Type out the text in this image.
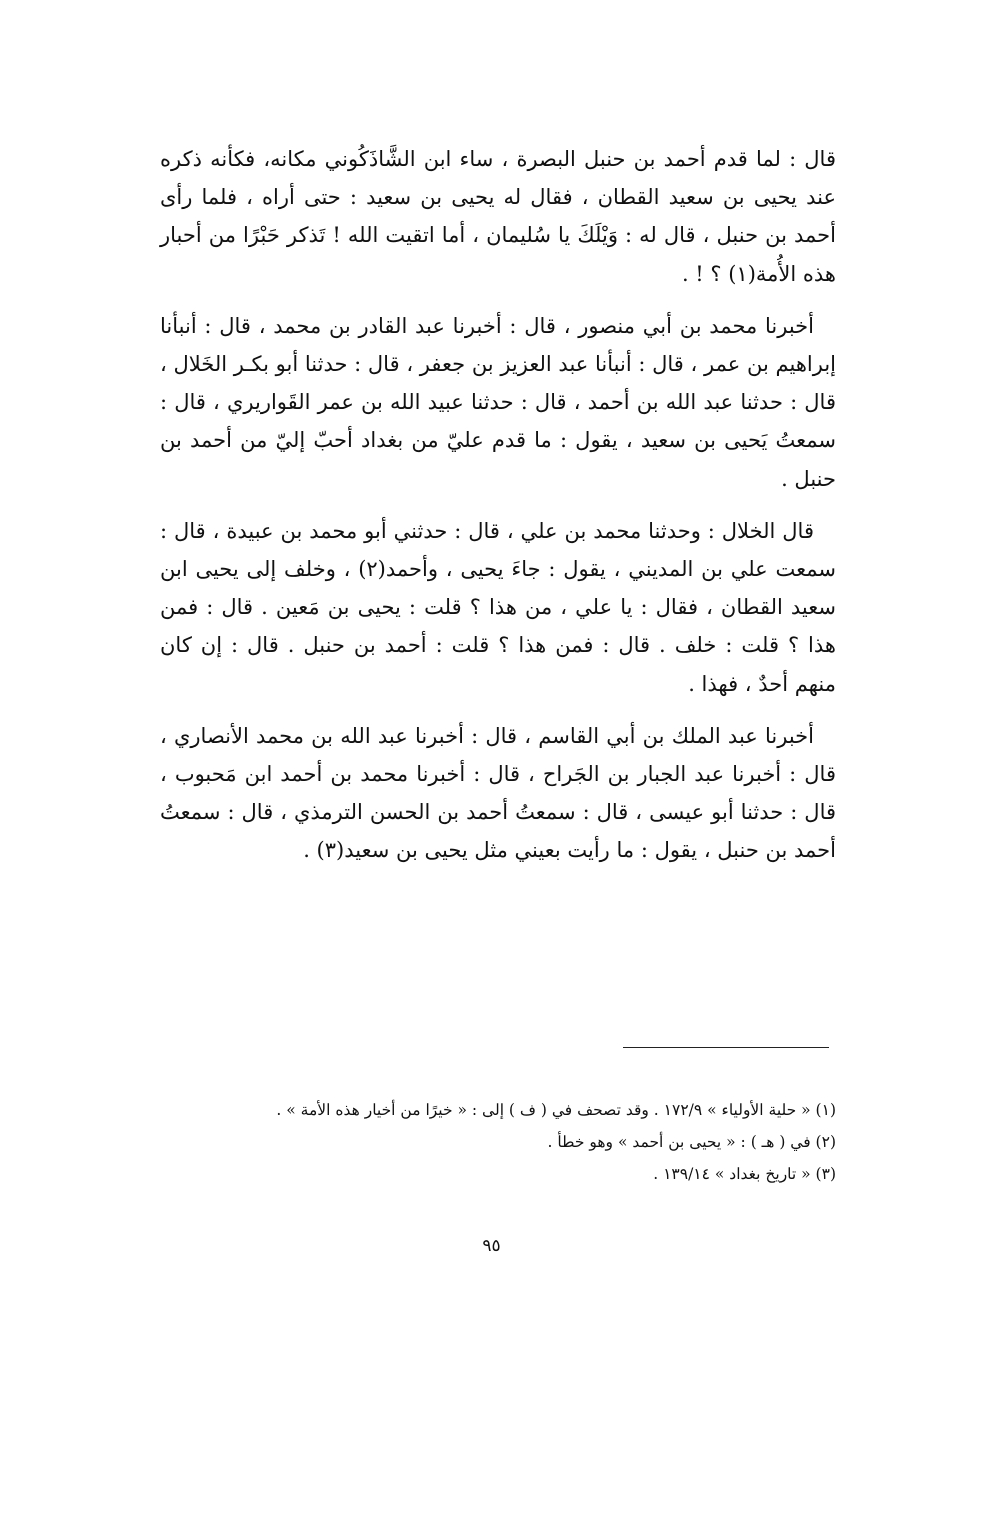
قال : لما قدم أحمد بن حنبل البصرة ، ساء ابن الشَّاذَكُوني مكانه، فكأنه ذكره عند يحيى بن سعيد القطان ، فقال له يحيى بن سعيد : حتى أراه ، فلما رأى أحمد بن حنبل ، قال له : وَيْلَكَ يا سُليمان ، أما اتقيت الله ! تَذكر حَبْرًا من أحبار هذه الأُمة(١) ؟ ! .

أخبرنا محمد بن أبي منصور ، قال : أخبرنا عبد القادر بن محمد ، قال : أنبأنا إبراهيم بن عمر ، قال : أنبأنا عبد العزيز بن جعفر ، قال : حدثنا أبو بكـر الخَلال ، قال : حدثنا عبد الله بن أحمد ، قال : حدثنا عبيد الله بن عمر القَواريري ، قال : سمعتُ يَحيى بن سعيد ، يقول : ما قدم عليّ من بغداد أحبّ إليّ من أحمد بن حنبل .

قال الخلال : وحدثنا محمد بن علي ، قال : حدثني أبو محمد بن عبيدة ، قال : سمعت علي بن المديني ، يقول : جاءَ يحيى ، وأحمد(٢) ، وخلف إلى يحيى ابن سعيد القطان ، فقال : يا علي ، من هذا ؟ قلت : يحيى بن مَعين . قال : فمن هذا ؟ قلت : خلف . قال : فمن هذا ؟ قلت : أحمد بن حنبل . قال : إن كان منهم أحدٌ ، فهذا .

أخبرنا عبد الملك بن أبي القاسم ، قال : أخبرنا عبد الله بن محمد الأنصاري ، قال : أخبرنا عبد الجبار بن الجَراح ، قال : أخبرنا محمد بن أحمد ابن مَحبوب ، قال : حدثنا أبو عيسى ، قال : سمعتُ أحمد بن الحسن الترمذي ، قال : سمعتُ أحمد بن حنبل ، يقول : ما رأيت بعيني مثل يحيى بن سعيد(٣) .

(١) « حلية الأولياء » ١٧٢/٩ . وقد تصحف في ( ف ) إلى : « خيرًا من أخيار هذه الأمة » .

(٢) في ( هـ ) : « يحيى بن أحمد » وهو خطأ .

(٣) « تاريخ بغداد » ١٣٩/١٤ .

٩٥
